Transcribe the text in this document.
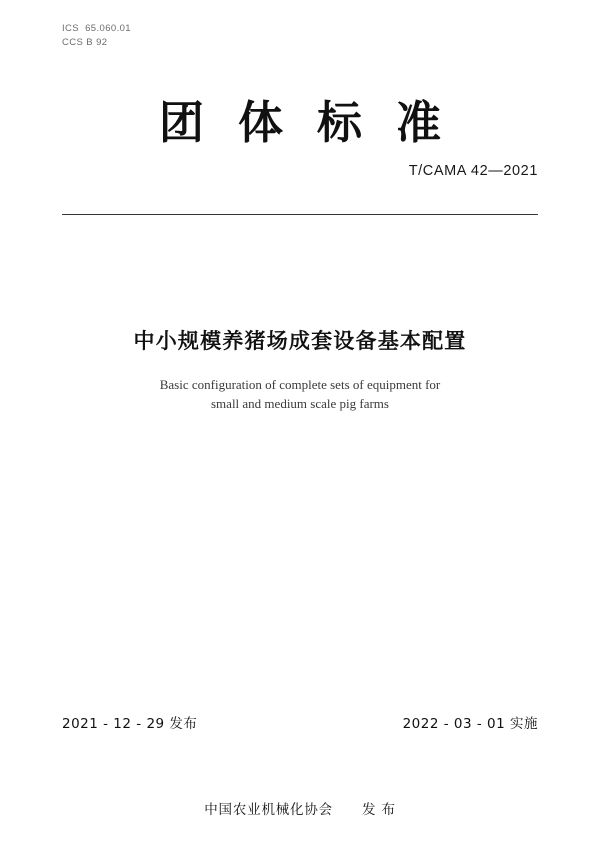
ICS  65.060.01
CCS B 92
团体标准
T/CAMA 42—2021
中小规模养猪场成套设备基本配置
Basic configuration of complete sets of equipment for
small and medium scale pig farms
2021 - 12 - 29 发布	2022 - 03 - 01 实施
中国农业机械化协会 发 布
